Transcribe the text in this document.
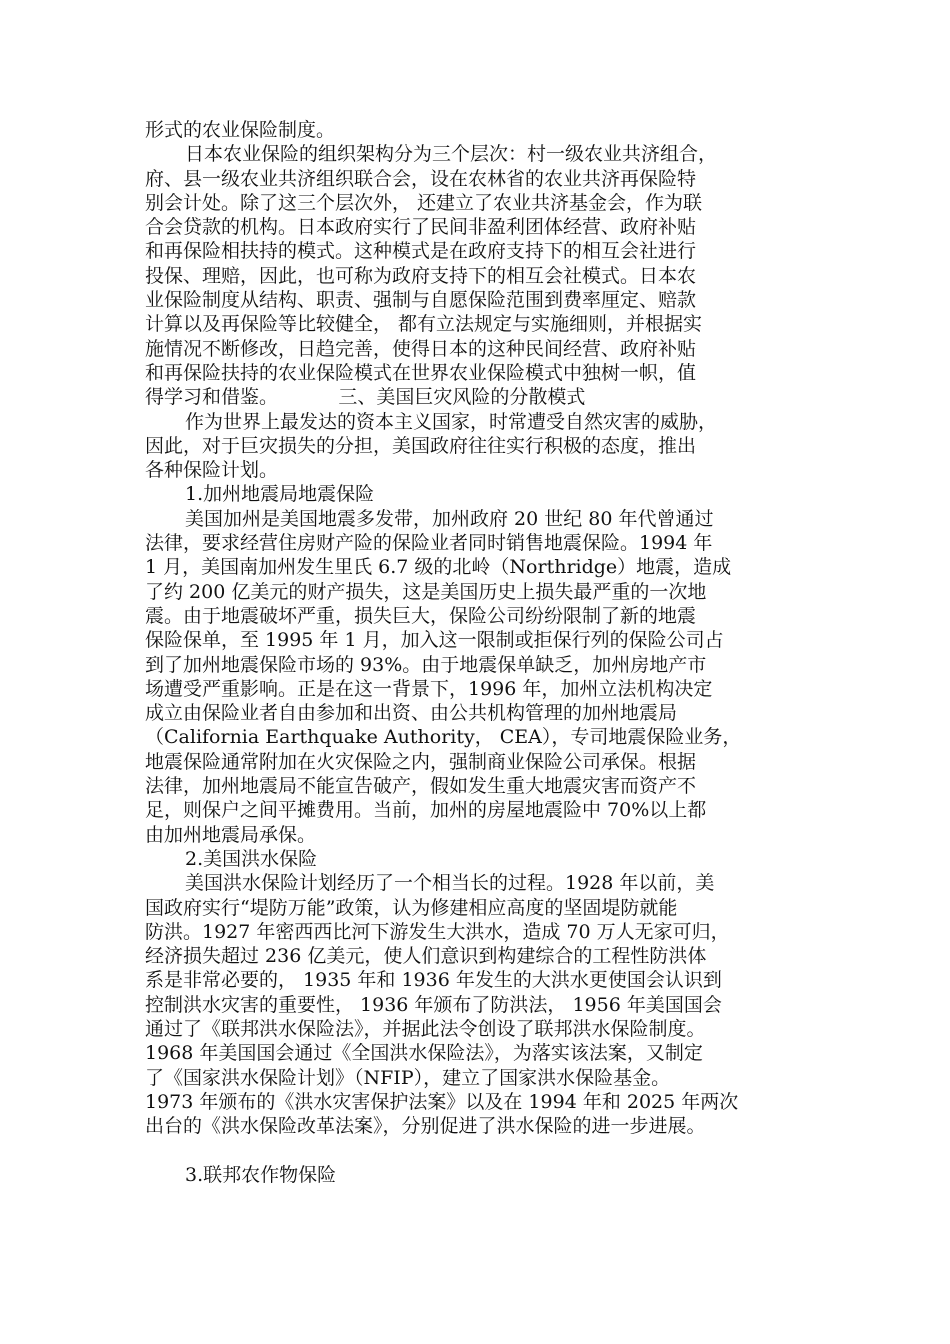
形式的农业保险制度。
日本农业保险的组织架构分为三个层次：村一级农业共济组合，
府、县一级农业共济组织联合会，设在农林省的农业共济再保险特
别会计处。除了这三个层次外， 还建立了农业共济基金会，作为联
合会贷款的机构。日本政府实行了民间非盈利团体经营、政府补贴
和再保险相扶持的模式。这种模式是在政府支持下的相互会社进行
投保、理赔，因此，也可称为政府支持下的相互会社模式。日本农
业保险制度从结构、职责、强制与自愿保险范围到费率厘定、赔款
计算以及再保险等比较健全， 都有立法规定与实施细则，并根据实
施情况不断修改，日趋完善，使得日本的这种民间经营、政府补贴
和再保险扶持的农业保险模式在世界农业保险模式中独树一帜，值
得学习和借鉴。          三、美国巨灾风险的分散模式
作为世界上最发达的资本主义国家，时常遭受自然灾害的威胁，
因此，对于巨灾损失的分担，美国政府往往实行积极的态度，推出
各种保险计划。
1.加州地震局地震保险
美国加州是美国地震多发带，加州政府 20 世纪 80 年代曾通过
法律，要求经营住房财产险的保险业者同时销售地震保险。1994 年
1 月，美国南加州发生里氏 6.7 级的北岭（Northridge）地震，造成
了约 200 亿美元的财产损失，这是美国历史上损失最严重的一次地
震。由于地震破坏严重，损失巨大，保险公司纷纷限制了新的地震
保险保单，至 1995 年 1 月，加入这一限制或拒保行列的保险公司占
到了加州地震保险市场的 93%。由于地震保单缺乏，加州房地产市
场遭受严重影响。正是在这一背景下，1996 年，加州立法机构决定
成立由保险业者自由参加和出资、由公共机构管理的加州地震局
（California Earthquake Authority， CEA），专司地震保险业务，
地震保险通常附加在火灾保险之内，强制商业保险公司承保。根据
法律，加州地震局不能宣告破产，假如发生重大地震灾害而资产不
足，则保户之间平摊费用。当前，加州的房屋地震险中 70%以上都
由加州地震局承保。
2.美国洪水保险
美国洪水保险计划经历了一个相当长的过程。1928 年以前，美
国政府实行“堤防万能”政策，认为修建相应高度的坚固堤防就能
防洪。1927 年密西西比河下游发生大洪水，造成 70 万人无家可归，
经济损失超过 236 亿美元，使人们意识到构建综合的工程性防洪体
系是非常必要的， 1935 年和 1936 年发生的大洪水更使国会认识到
控制洪水灾害的重要性， 1936 年颁布了防洪法， 1956 年美国国会
通过了《联邦洪水保险法》，并据此法令创设了联邦洪水保险制度。
1968 年美国国会通过《全国洪水保险法》，为落实该法案，又制定
了《国家洪水保险计划》（NFIP），建立了国家洪水保险基金。
1973 年颁布的《洪水灾害保护法案》以及在 1994 年和 2025 年两次
出台的《洪水保险改革法案》，分别促进了洪水保险的进一步进展。
3.联邦农作物保险
